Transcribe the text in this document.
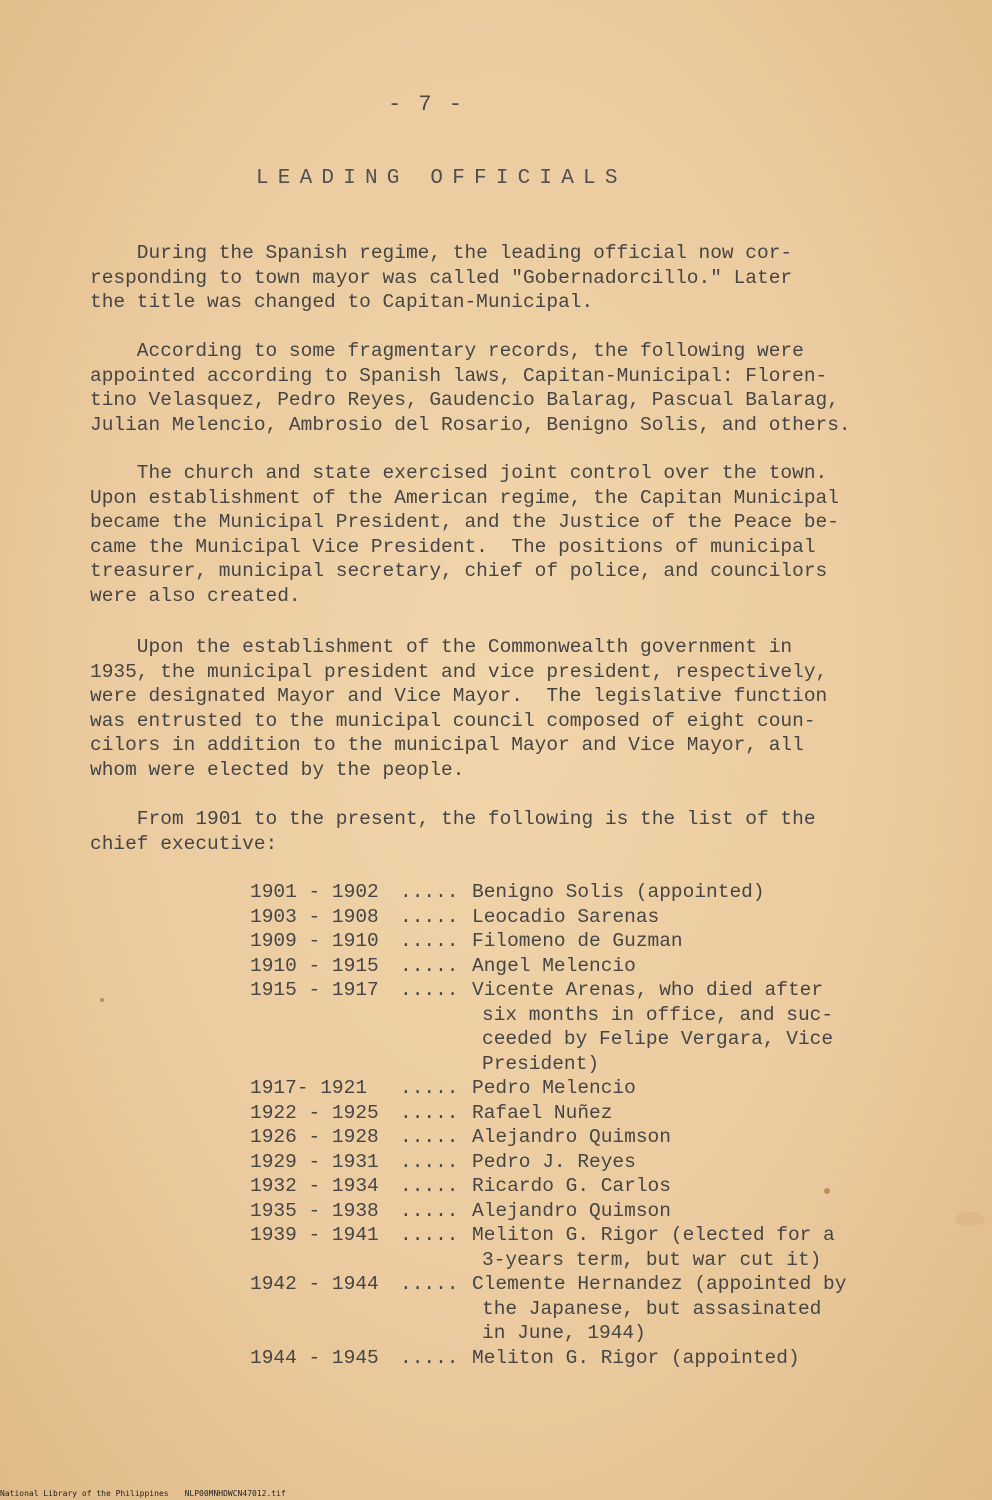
- 7 -
LEADING OFFICIALS
During the Spanish regime, the leading official now cor-
responding to town mayor was called "Gobernadorcillo." Later
the title was changed to Capitan-Municipal.
According to some fragmentary records, the following were
appointed according to Spanish laws, Capitan-Municipal: Floren-
tino Velasquez, Pedro Reyes, Gaudencio Balarag, Pascual Balarag,
Julian Melencio, Ambrosio del Rosario, Benigno Solis, and others.
The church and state exercised joint control over the town.
Upon establishment of the American regime, the Capitan Municipal
became the Municipal President, and the Justice of the Peace be-
came the Municipal Vice President.  The positions of municipal
treasurer, municipal secretary, chief of police, and councilors
were also created.
Upon the establishment of the Commonwealth government in
1935, the municipal president and vice president, respectively,
were designated Mayor and Vice Mayor.  The legislative function
was entrusted to the municipal council composed of eight coun-
cilors in addition to the municipal Mayor and Vice Mayor, all
whom were elected by the people.
From 1901 to the present, the following is the list of the
chief executive:
1901 - 1902	..... Benigno Solis (appointed)
1903 - 1908	..... Leocadio Sarenas
1909 - 1910	..... Filomeno de Guzman
1910 - 1915	..... Angel Melencio
1915 - 1917	..... Vicente Arenas, who died after
six months in office, and suc-
ceeded by Felipe Vergara, Vice
President)
1917- 1921	..... Pedro Melencio
1922 - 1925	..... Rafael Nuñez
1926 - 1928	..... Alejandro Quimson
1929 - 1931	..... Pedro J. Reyes
1932 - 1934	..... Ricardo G. Carlos
1935 - 1938	..... Alejandro Quimson
1939 - 1941	..... Meliton G. Rigor (elected for a
3-years term, but war cut it)
1942 - 1944	..... Clemente Hernandez (appointed by
the Japanese, but assasinated
in June, 1944)
1944 - 1945	..... Meliton G. Rigor (appointed)
National Library of the Philippines NLP00MNHDWCN47012.tif
